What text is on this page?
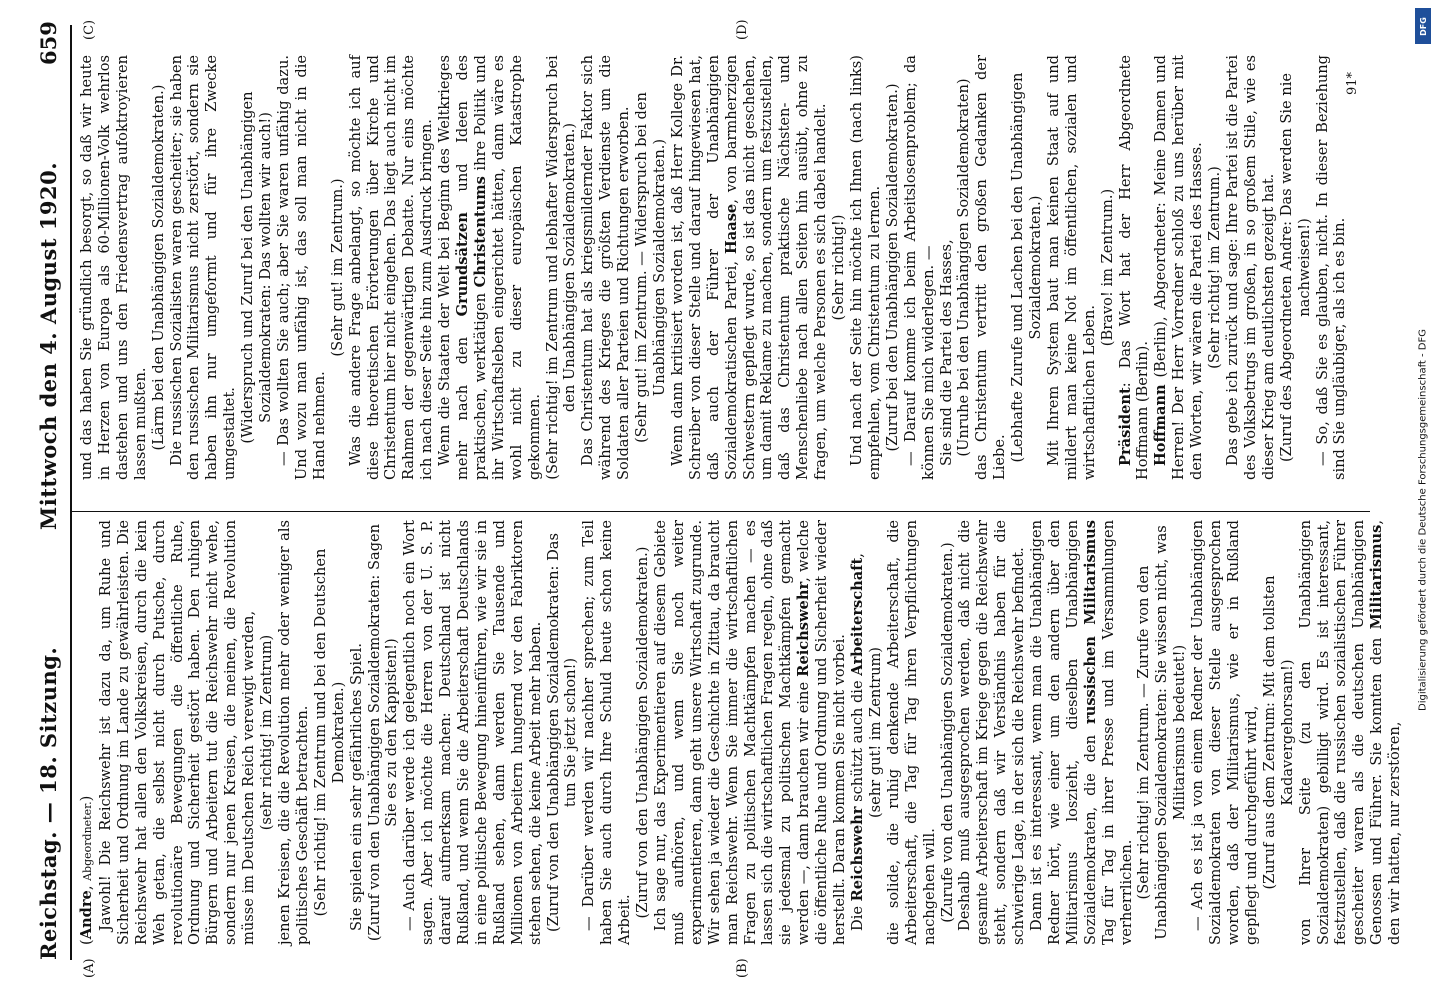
Reichstag. — 18. Sitzung.
Mittwoch den 4. August 1920.
659
(A)	(B)
(C)	(D)

(Andre, Abgeordneter.) Jawohl! Die Reichswehr ist dazu da, um Ruhe und Sicherheit und Ordnung im Lande zu gewährleisten. Die Reichswehr hat allen den Volkskreisen, durch die kein Weh getan, die selbst nicht durch Putsche, durch revolutionäre Bewegungen die öffentliche Ruhe, Ordnung und Sicherheit gestört haben. Den ruhigen Bürgern und Arbeitern tut die Reichswehr nicht wehe, sondern nur jenen Kreisen, die meinen, die Revolution müsse im Deutschen Reich verewigt werden, (sehr richtig! im Zentrum) jenen Kreisen, die die Revolution mehr oder weniger als politisches Geschäft betrachten. (Sehr richtig! im Zentrum und bei den Deutschen Demokraten.) Sie spielen ein sehr gefährliches Spiel. (Zuruf von den Unabhängigen Sozialdemokraten: Sagen Sie es zu den Kappisten!) — Auch darüber werde ich gelegentlich noch ein Wort sagen. Aber ich möchte die Herren von der U. S. P. darauf aufmerksam machen: Deutschland ist nicht Rußland, und wenn Sie die Arbeiterschaft Deutschlands in eine politische Bewegung hineinführen, wie wir sie in Rußland sehen, dann werden Sie Tausende und Millionen von Arbeitern hungernd vor den Fabriktoren stehen sehen, die keine Arbeit mehr haben. (Zuruf von den Unabhängigen Sozialdemokraten: Das tun Sie jetzt schon!) — Darüber werden wir nachher sprechen; zum Teil haben Sie auch durch Ihre Schuld heute schon keine Arbeit.

(Zuruf von den Unabhängigen Sozialdemokraten.) Ich sage nur, das Experimentieren auf diesem Gebiete muß aufhören, und wenn Sie noch weiter experimentieren, dann geht unsere Wirtschaft zugrunde. Wir sehen ja wieder die Geschichte in Zittau, da braucht man Reichswehr. Wenn Sie immer die wirtschaftlichen Fragen zu politischen Machtkämpfen machen — es lassen sich die wirtschaftlichen Fragen regeln, ohne daß sie jedesmal zu politischen Machtkämpfen gemacht werden —, dann brauchen wir eine Reichswehr, welche die öffentliche Ruhe und Ordnung und Sicherheit wieder herstellt. Daran kommen Sie nicht vorbei. Die Reichswehr schützt auch die Arbeiterschaft,

(sehr gut! im Zentrum) die solide, die ruhig denkende Arbeiterschaft, die Arbeiterschaft, die Tag für Tag ihren Verpflichtungen nachgehen will. (Zurufe von den Unabhängigen Sozialdemokraten.) Deshalb muß ausgesprochen werden, daß nicht die gesamte Arbeiterschaft im Kriege gegen die Reichswehr steht, sondern daß wir Verständnis haben für die schwierige Lage, in der sich die Reichswehr befindet. Dann ist es interessant, wenn man die Unabhängigen Redner hört, wie einer um den andern über den Militarismus loszieht, dieselben Unabhängigen Sozialdemokraten, die den russischen Militarismus Tag für Tag in ihrer Presse und im Versammlungen verherrlichen. (Sehr richtig! im Zentrum. — Zurufe von den Unabhängigen Sozialdemokraten: Sie wissen nicht, was Militarismus bedeutet!) — Ach es ist ja von einem Redner der Unabhängigen Sozialdemokraten von dieser Stelle ausgesprochen worden, daß der Militarismus, wie er in Rußland gepflegt und durchgeführt wird, (Zuruf aus dem Zentrum: Mit dem tollsten Kadavergehorsam!) von Ihrer Seite (zu den Unabhängigen Sozialdemokraten) gebilligt wird. Es ist interessant, festzustellen, daß die russischen sozialistischen Führer gescheiter waren als die deutschen Unabhängigen Genossen und Führer. Sie konnten den Militarismus, den wir hatten, nur zerstören,

und das haben Sie gründlich besorgt, so daß wir heute in Herzen von Europa als 60-Millionen-Volk wehrlos dastehen und uns den Friedensvertrag aufoktroyieren lassen mußten. (Lärm bei den Unabhängigen Sozialdemokraten.) Die russischen Sozialisten waren gescheiter; sie haben den russischen Militarismus nicht zerstört, sondern sie haben ihn nur umgeformt und für ihre Zwecke umgestaltet. (Widerspruch und Zuruf bei den Unabhängigen Sozialdemokraten: Das wollten wir auch!) — Das wollten Sie auch; aber Sie waren unfähig dazu. Und wozu man unfähig ist, das soll man nicht in die Hand nehmen.

(Sehr gut! im Zentrum.) Was die andere Frage anbelangt, so möchte ich auf diese theoretischen Erörterungen über Kirche und Christentum hier nicht eingehen. Das liegt auch nicht im Rahmen der gegenwärtigen Debatte. Nur eins möchte ich nach dieser Seite hin zum Ausdruck bringen. Wenn die Staaten der Welt bei Beginn des Weltkrieges mehr nach den Grundsätzen und Ideen des praktischen, werktätigen Christentums ihre Politik und ihr Wirtschaftsleben eingerichtet hätten, dann wäre es wohl nicht zu dieser europäischen Katastrophe gekommen. (Sehr richtig! im Zentrum und lebhafter Widerspruch bei den Unabhängigen Sozialdemokraten.) Das Christentum hat als kriegsmildernder Faktor sich während des Krieges die größten Verdienste um die Soldaten aller Parteien und Richtungen erworben. (Sehr gut! im Zentrum. — Widerspruch bei den Unabhängigen Sozialdemokraten.) Wenn dann kritisiert worden ist, daß Herr Kollege Dr. Schreiber von dieser Stelle und darauf hingewiesen hat, daß auch der Führer der Unabhängigen Sozialdemokratischen Partei, Haase, von barmherzigen Schwestern gepflegt wurde, so ist das nicht geschehen, um damit Reklame zu machen, sondern um festzustellen, daß das Christentum praktische Nächsten- und Menschenliebe nach allen Seiten hin ausübt, ohne zu fragen, um welche Personen es sich dabei handelt. (Sehr richtig!) Und nach der Seite hin möchte ich Ihnen (nach links) empfehlen, vom Christentum zu lernen. (Zuruf bei den Unabhängigen Sozialdemokraten.) — Darauf komme ich beim Arbeitslosenproblem; da können Sie mich widerlegen. — Sie sind die Partei des Hasses, (Unruhe bei den Unabhängigen Sozialdemokraten) das Christentum vertritt den großen Gedanken der Liebe. (Lebhafte Zurufe und Lachen bei den Unabhängigen Sozialdemokraten.) Mit Ihrem System baut man keinen Staat auf und mildert man keine Not im öffentlichen, sozialen und wirtschaftlichen Leben.

(Bravo! im Zentrum.)

Präsident: Das Wort hat der Herr Abgeordnete Hoffmann (Berlin). Hoffmann (Berlin), Abgeordneter: Meine Damen und Herren! Der Herr Vorredner schloß zu uns herüber mit den Worten, wir wären die Partei des Hasses. (Sehr richtig! im Zentrum.) Das gebe ich zurück und sage: Ihre Partei ist die Partei des Volksbetrugs im großen, in so großem Stile, wie es dieser Krieg am deutlichsten gezeigt hat. (Zuruf des Abgeordneten Andre: Das werden Sie nie nachweisen!) — So, daß Sie es glauben, nicht. In dieser Beziehung sind Sie ungläubiger, als ich es bin.

91*
DFG
Digitalisierung gefördert durch die Deutsche Forschungsgemeinschaft - DFG
